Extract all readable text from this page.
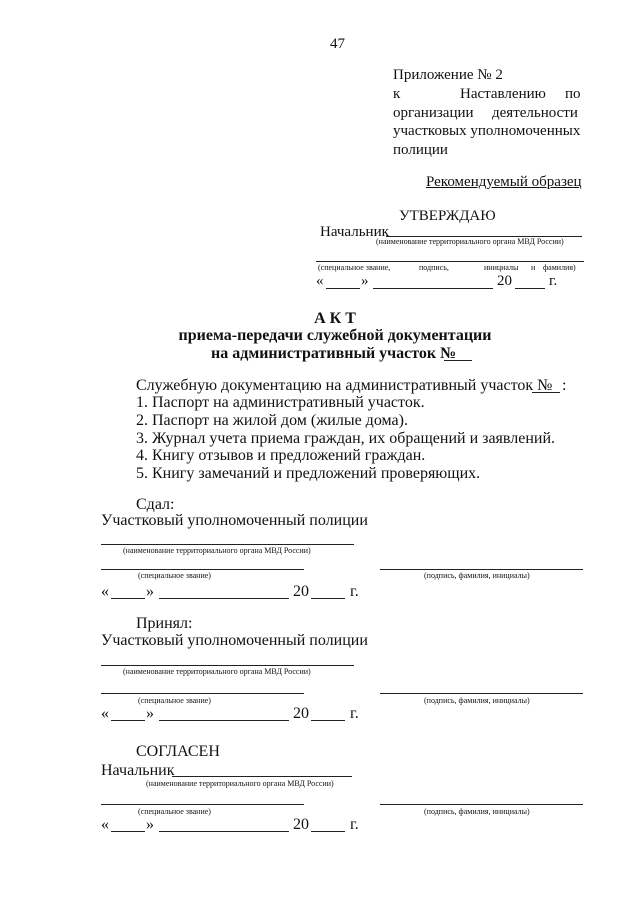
47
Приложение № 2
к	Наставлению по
организации деятельности
участковых уполномоченных
полиции
Рекомендуемый образец
УТВЕРЖДАЮ
Начальник
(наименование территориального органа МВД России)
(специальное звание,	подпись,	инициалы и фамилия)
«	»	20 г.
А К Т
приема-передачи служебной документации
на административный участок №
Служебную документацию на административный участок № :
1. Паспорт на административный участок.
2. Паспорт на жилой дом (жилые дома).
3. Журнал учета приема граждан, их обращений и заявлений.
4. Книгу отзывов и предложений граждан.
5. Книгу замечаний и предложений проверяющих.
Сдал:
Участковый уполномоченный полиции
(наименование территориального органа МВД России)
(специальное звание)	(подпись, фамилия, инициалы)
« »	20	г.
Принял:
Участковый уполномоченный полиции
(наименование территориального органа МВД России)
(специальное звание)	(подпись, фамилия, инициалы)
« »	20	г.
СОГЛАСЕН
Начальник
(наименование территориального органа МВД России)
(специальное звание)	(подпись, фамилия, инициалы)
« »	20	г.
